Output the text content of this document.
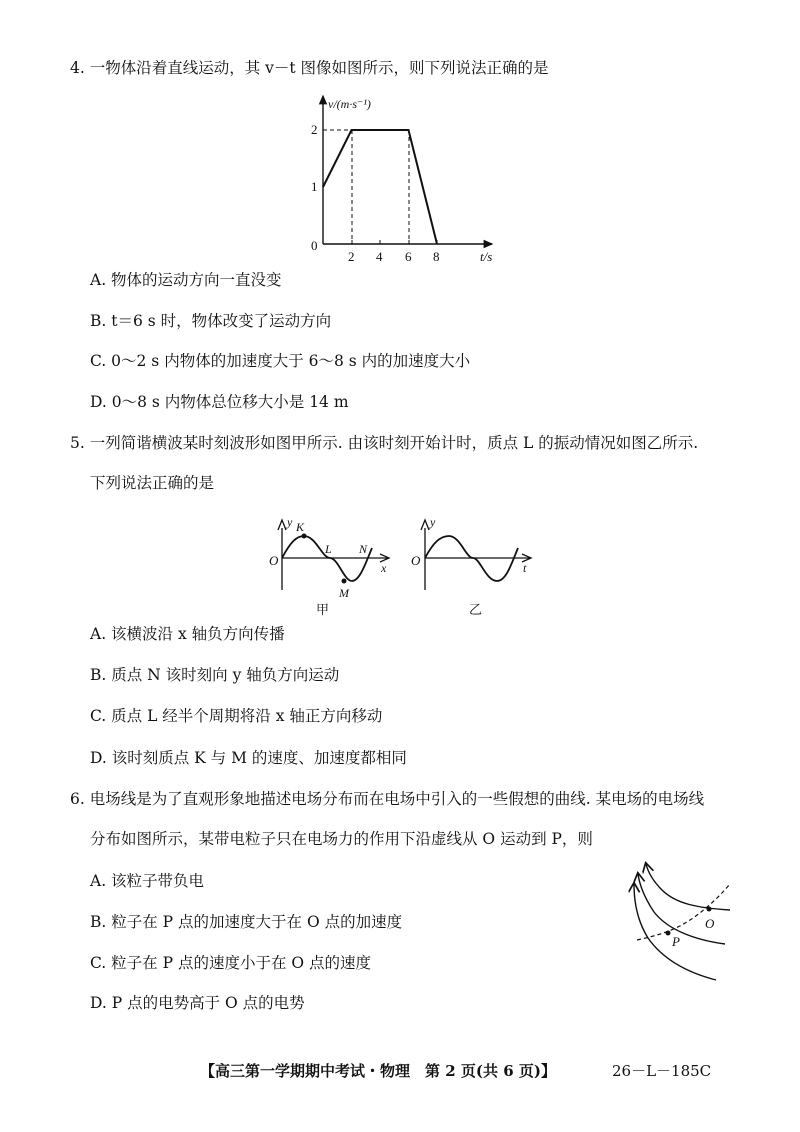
4. 一物体沿着直线运动，其 v－t 图像如图所示，则下列说法正确的是
v/(m·s⁻¹)
2
1
0
2 4 6 8	t/s
A. 物体的运动方向一直没变
B. t＝6 s 时，物体改变了运动方向
C. 0～2 s 内物体的加速度大于 6～8 s 内的加速度大小
D. 0～8 s 内物体总位移大小是 14 m
5. 一列简谐横波某时刻波形如图甲所示. 由该时刻开始计时，质点 L 的振动情况如图乙所示.
下列说法正确的是
y
O
K
L
M
N
x
甲
y
O	t
乙
A. 该横波沿 x 轴负方向传播
B. 质点 N 该时刻向 y 轴负方向运动
C. 质点 L 经半个周期将沿 x 轴正方向移动
D. 该时刻质点 K 与 M 的速度、加速度都相同
6. 电场线是为了直观形象地描述电场分布而在电场中引入的一些假想的曲线. 某电场的电场线
分布如图所示，某带电粒子只在电场力的作用下沿虚线从 O 运动到 P，则
O
P
A. 该粒子带负电
B. 粒子在 P 点的加速度大于在 O 点的加速度
C. 粒子在 P 点的速度小于在 O 点的速度
D. P 点的电势高于 O 点的电势
【高三第一学期期中考试・物理　第 2 页(共 6 页)】	26－L－185C
